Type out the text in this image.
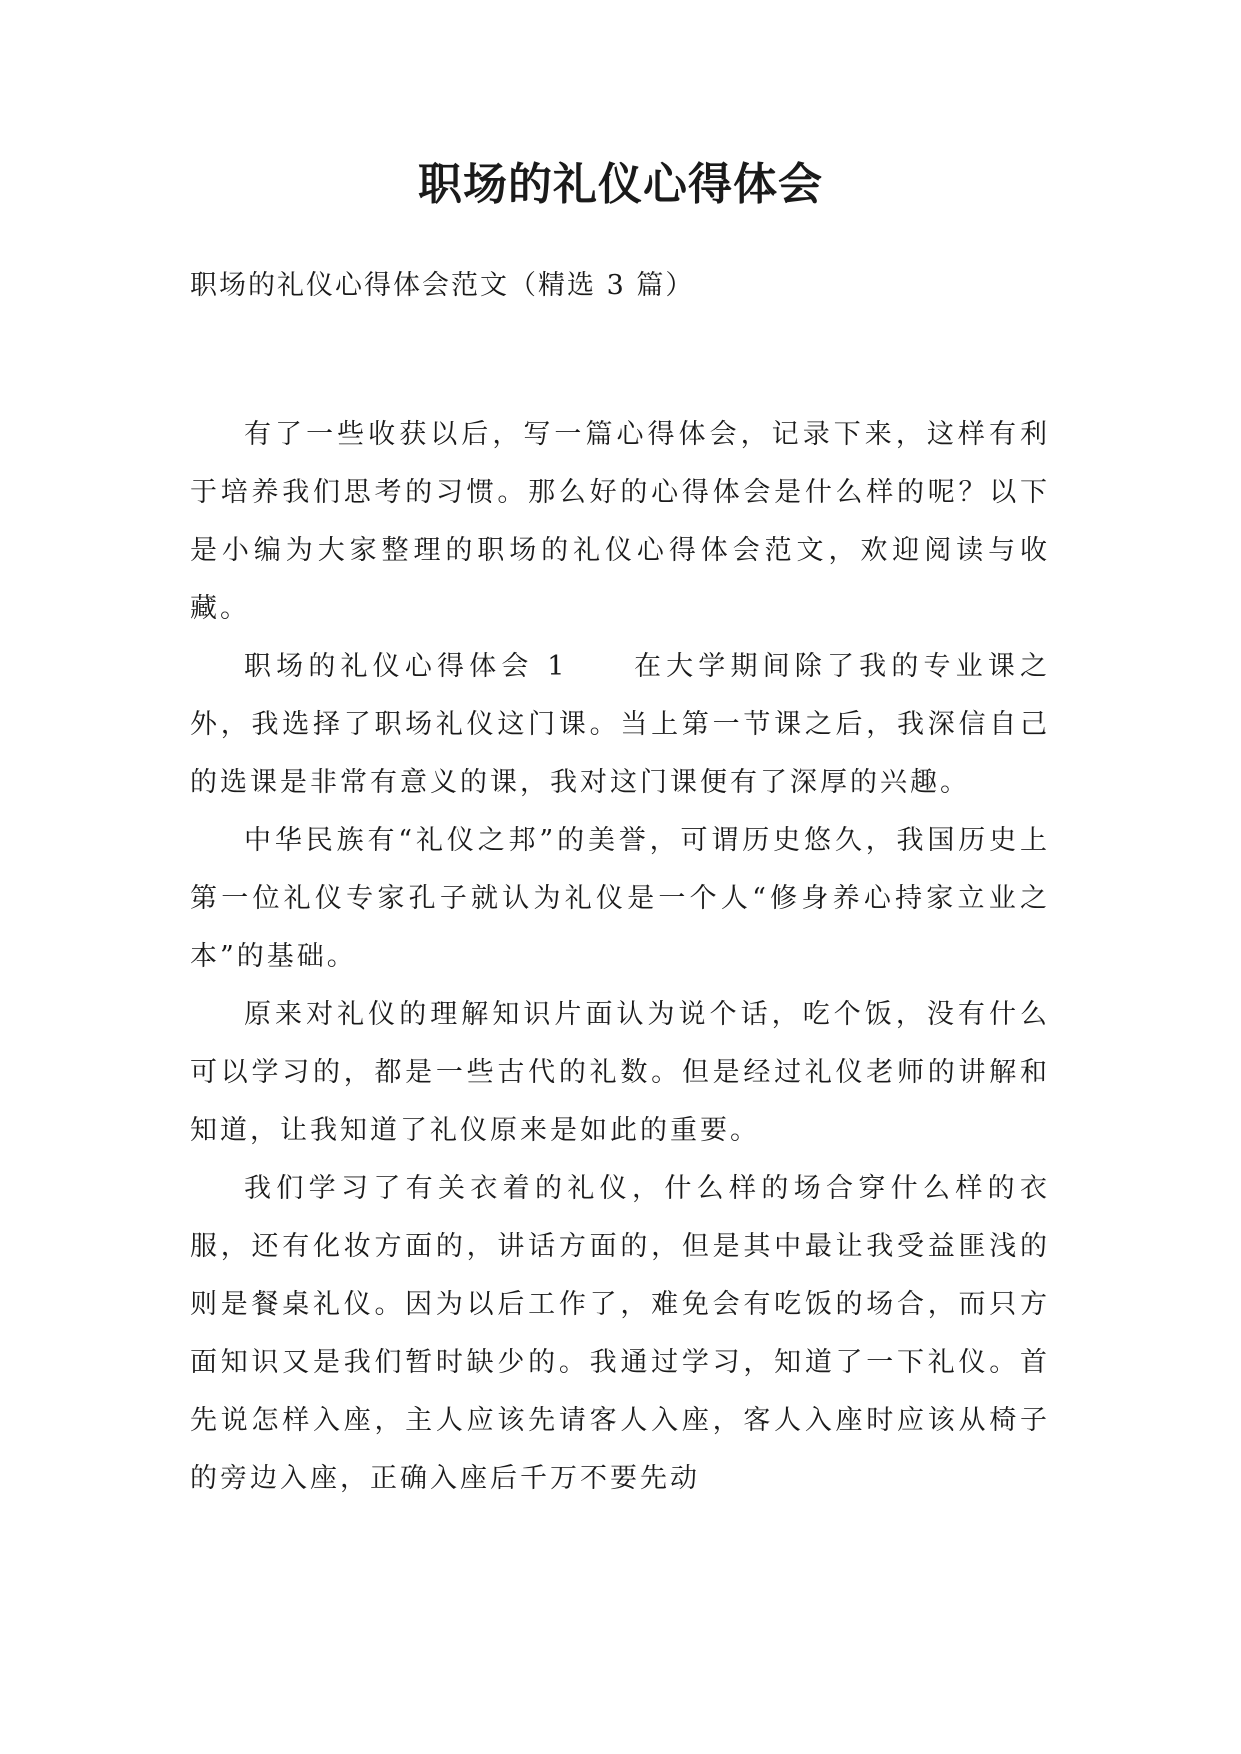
职场的礼仪心得体会
职场的礼仪心得体会范文（精选 3 篇）

有了一些收获以后，写一篇心得体会，记录下来，这样有利于培养我们思考的习惯。那么好的心得体会是什么样的呢？以下是小编为大家整理的职场的礼仪心得体会范文，欢迎阅读与收藏。

职场的礼仪心得体会 1　　在大学期间除了我的专业课之外，我选择了职场礼仪这门课。当上第一节课之后，我深信自己的选课是非常有意义的课，我对这门课便有了深厚的兴趣。

中华民族有“礼仪之邦”的美誉，可谓历史悠久，我国历史上第一位礼仪专家孔子就认为礼仪是一个人“修身养心持家立业之本”的基础。

原来对礼仪的理解知识片面认为说个话，吃个饭，没有什么可以学习的，都是一些古代的礼数。但是经过礼仪老师的讲解和知道，让我知道了礼仪原来是如此的重要。

我们学习了有关衣着的礼仪，什么样的场合穿什么样的衣服，还有化妆方面的，讲话方面的，但是其中最让我受益匪浅的则是餐桌礼仪。因为以后工作了，难免会有吃饭的场合，而只方面知识又是我们暂时缺少的。我通过学习，知道了一下礼仪。首先说怎样入座，主人应该先请客人入座，客人入座时应该从椅子的旁边入座，正确入座后千万不要先动
